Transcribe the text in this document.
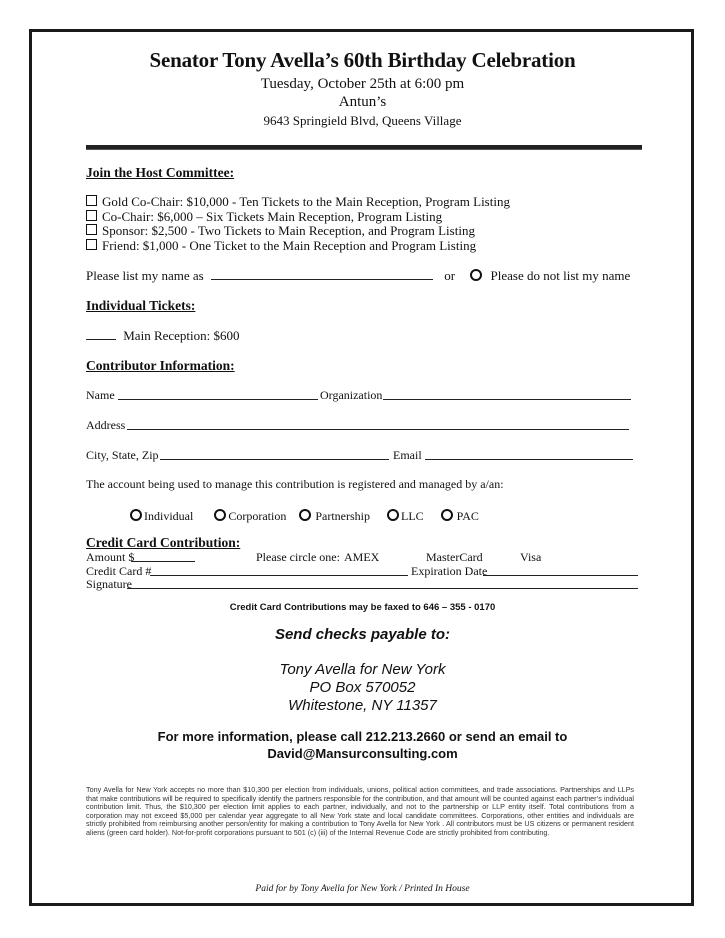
Senator Tony Avella’s 60th Birthday Celebration
Tuesday, October 25th at 6:00 pm
Antun’s
9643 Springield Blvd, Queens Village
Join the Host Committee:
Gold Co-Chair: $10,000 - Ten Tickets to the Main Reception, Program Listing
Co-Chair: $6,000 – Six Tickets Main Reception, Program Listing
Sponsor: $2,500 - Two Tickets to Main Reception, and Program Listing
Friend: $1,000 - One Ticket to the Main Reception and Program Listing
Please list my name as	or	Please do not list my name
Individual Tickets:
Main Reception: $600
Contributor Information:
Name	Organization
Address
City, State, Zip	Email
The account being used to manage this contribution is registered and managed by a/an:
Individual	Corporation Partnership	LLC	PAC
Credit Card Contribution:
Amount $	Please circle one: AMEX	MasterCard	Visa
Credit Card #	Expiration Date
Signature
Credit Card Contributions may be faxed to 646 – 355 - 0170
Send checks payable to:
Tony Avella for New York
PO Box 570052
Whitestone, NY 11357
For more information, please call 212.213.2660 or send an email to
David@Mansurconsulting.com
Tony Avella for New York accepts no more than $10,300 per election from individuals, unions, political action committees, and trade associations. Partnerships and LLPs that make contributions will be required to specifically identify the partners responsible for the contribution, and that amount will be counted against each partner’s individual contribution limit. Thus, the $10,300 per election limit applies to each partner, individually, and not to the partnership or LLP entity itself. Total contributions from a corporation may not exceed $5,000 per calendar year aggregate to all New York state and local candidate committees. Corporations, other entities and individuals are strictly prohibited from reimbursing another person/entity for making a contribution to Tony Avella for New York . All contributors must be US citizens or permanent resident aliens (green card holder). Not-for-profit corporations pursuant to 501 (c) (iii) of the Internal Revenue Code are strictly prohibited from contributing.
Paid for by Tony Avella for New York / Printed In House
